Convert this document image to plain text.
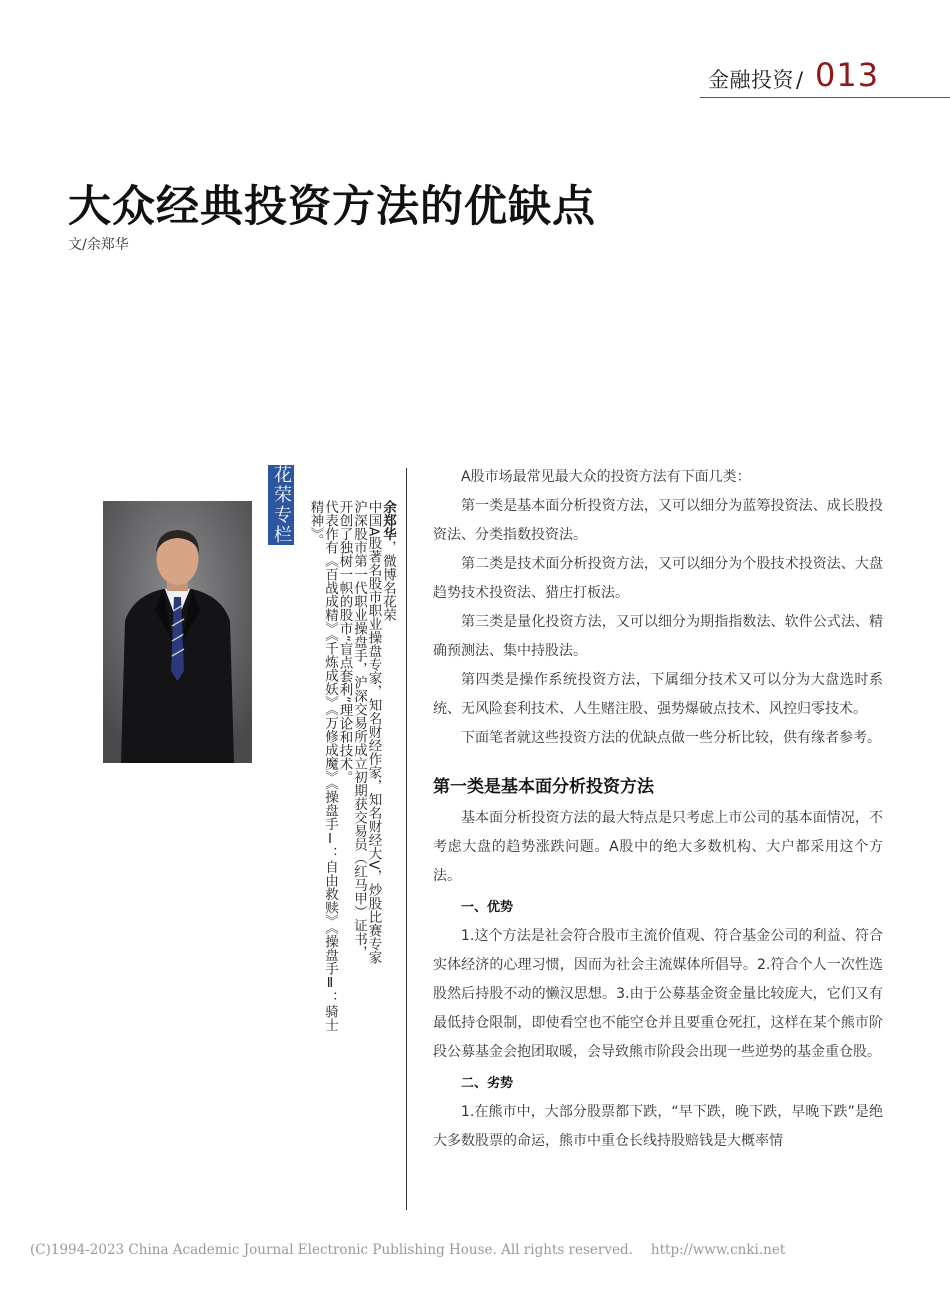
金融投资/ 013
大众经典投资方法的优缺点
文/余郑华
花荣专栏	余郑华，微博名花荣
中国A股著名股市职业操盘专家，知名财经作家，知名财经大V，炒股比赛专家
沪深股市第一代职业操盘手，沪深交易所成立初期获交易员（红马甲）证书，
开创了独树一帜的股市“盲点套利”理论和技术。
代表作有《百战成精》《千炼成妖》《万修成魔》《操盘手Ⅰ：自由救赎》《操盘手Ⅱ：骑士精神》。

A股市场最常见最大众的投资方法有下面几类：

第一类是基本面分析投资方法，又可以细分为蓝筹投资法、成长股投资法、分类指数投资法。

第二类是技术面分析投资方法，又可以细分为个股技术投资法、大盘趋势技术投资法、猎庄打板法。

第三类是量化投资方法，又可以细分为期指指数法、软件公式法、精确预测法、集中持股法。

第四类是操作系统投资方法，下属细分技术又可以分为大盘选时系统、无风险套利技术、人生赌注股、强势爆破点技术、风控归零技术。

下面笔者就这些投资方法的优缺点做一些分析比较，供有缘者参考。

第一类是基本面分析投资方法

基本面分析投资方法的最大特点是只考虑上市公司的基本面情况，不考虑大盘的趋势涨跌问题。A股中的绝大多数机构、大户都采用这个方法。

一、优势

1.这个方法是社会符合股市主流价值观、符合基金公司的利益、符合实体经济的心理习惯，因而为社会主流媒体所倡导。2.符合个人一次性选股然后持股不动的懒汉思想。3.由于公募基金资金量比较庞大，它们又有最低持仓限制，即使看空也不能空仓并且要重仓死扛，这样在某个熊市阶段公募基金会抱团取暖，会导致熊市阶段会出现一些逆势的基金重仓股。

二、劣势

1.在熊市中，大部分股票都下跌，“早下跌，晚下跌，早晚下跌”是绝大多数股票的命运，熊市中重仓长线持股赔钱是大概率情

(C)1994-2023 China Academic Journal Electronic Publishing House. All rights reserved. http://www.cnki.net
